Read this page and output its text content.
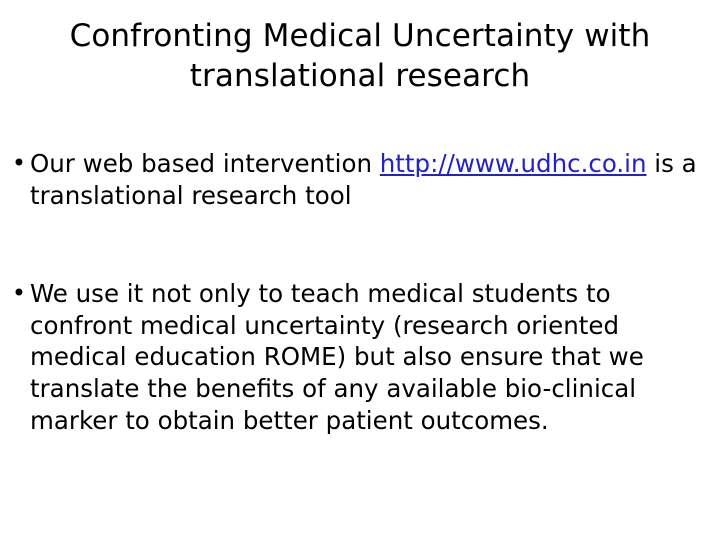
Confronting Medical Uncertainty with translational research
• Our web based intervention http://www.udhc.co.in is a translational research tool
• We use it not only to teach medical students to confront medical uncertainty (research oriented medical education ROME) but also ensure that we translate the benefits of any available bio-clinical marker to obtain better patient outcomes.
